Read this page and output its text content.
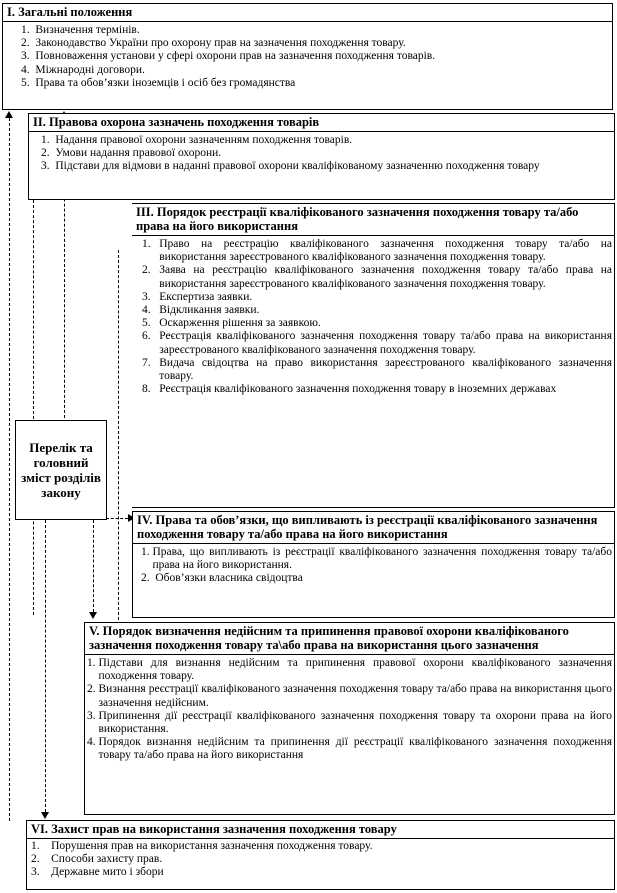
I. Загальні положення
1.
Визначення термінів.
2.
Законодавство України про охорону прав на зазначення походження товару.
3.
Повноваження установи у сфері охорони прав на зазначення походження товарів.
4.
Міжнародні договори.
5.
Права та обов’язки іноземців і осіб без громадянства
II. Правова охорона зазначень походження товарів
1.
Надання правової охорони зазначенням походження товарів.
2.
Умови надання правової охорони.
3.
Підстави для відмови в наданні правової охорони кваліфікованому зазначенню походження товару
III. Порядок реєстрації кваліфікованого зазначення походження товару та/або права на його використання
1.
Право на реєстрацію кваліфікованого зазначення походження товару та/або на використання зареєстрованого кваліфікованого зазначення походження товару.
2.
Заява на реєстрацію кваліфікованого зазначення походження товару та/або права на використання зареєстрованого кваліфікованого зазначення походження товару.
3.
Експертиза заявки.
4.
Відкликання заявки.
5.
Оскарження рішення за заявкою.
6.
Реєстрація кваліфікованого зазначення походження товару та/або права на використання зареєстрованого кваліфікованого зазначення походження товару.
7.
Видача свідоцтва на право використання зареєстрованого кваліфікованого зазначення товару.
8.
Реєстрація кваліфікованого зазначення походження товару в іноземних державах
Перелік та головний зміст розділів закону
IV. Права та обов’язки, що випливають із реєстрації кваліфікованого зазначення походження товару та/або права на його використання
1.
Права, що випливають із реєстрації кваліфікованого зазначення походження товару та/або права на його використання.
2.
Обов’язки власника свідоцтва
V. Порядок визначення недійсним та припинення правової охорони кваліфікованого зазначення походження товару та\або права на використання цього зазначення
1.
Підстави для визнання недійсним та припинення правової охорони кваліфікованого зазначення походження товару.
2.
Визнання реєстрації кваліфікованого зазначення походження товару та/або права на використання цього зазначення недійсним.
3.
Припинення дії реєстрації кваліфікованого зазначення походження товару та охорони права на його використання.
4.
Порядок визнання недійсним та припинення дії реєстрації кваліфікованого зазначення походження товару та/або права на його використання
VI. Захист прав на використання зазначення походження товару
1.
Порушення прав на використання зазначення походження товару.
2.
Способи захисту прав.
3.
Державне мито і збори
